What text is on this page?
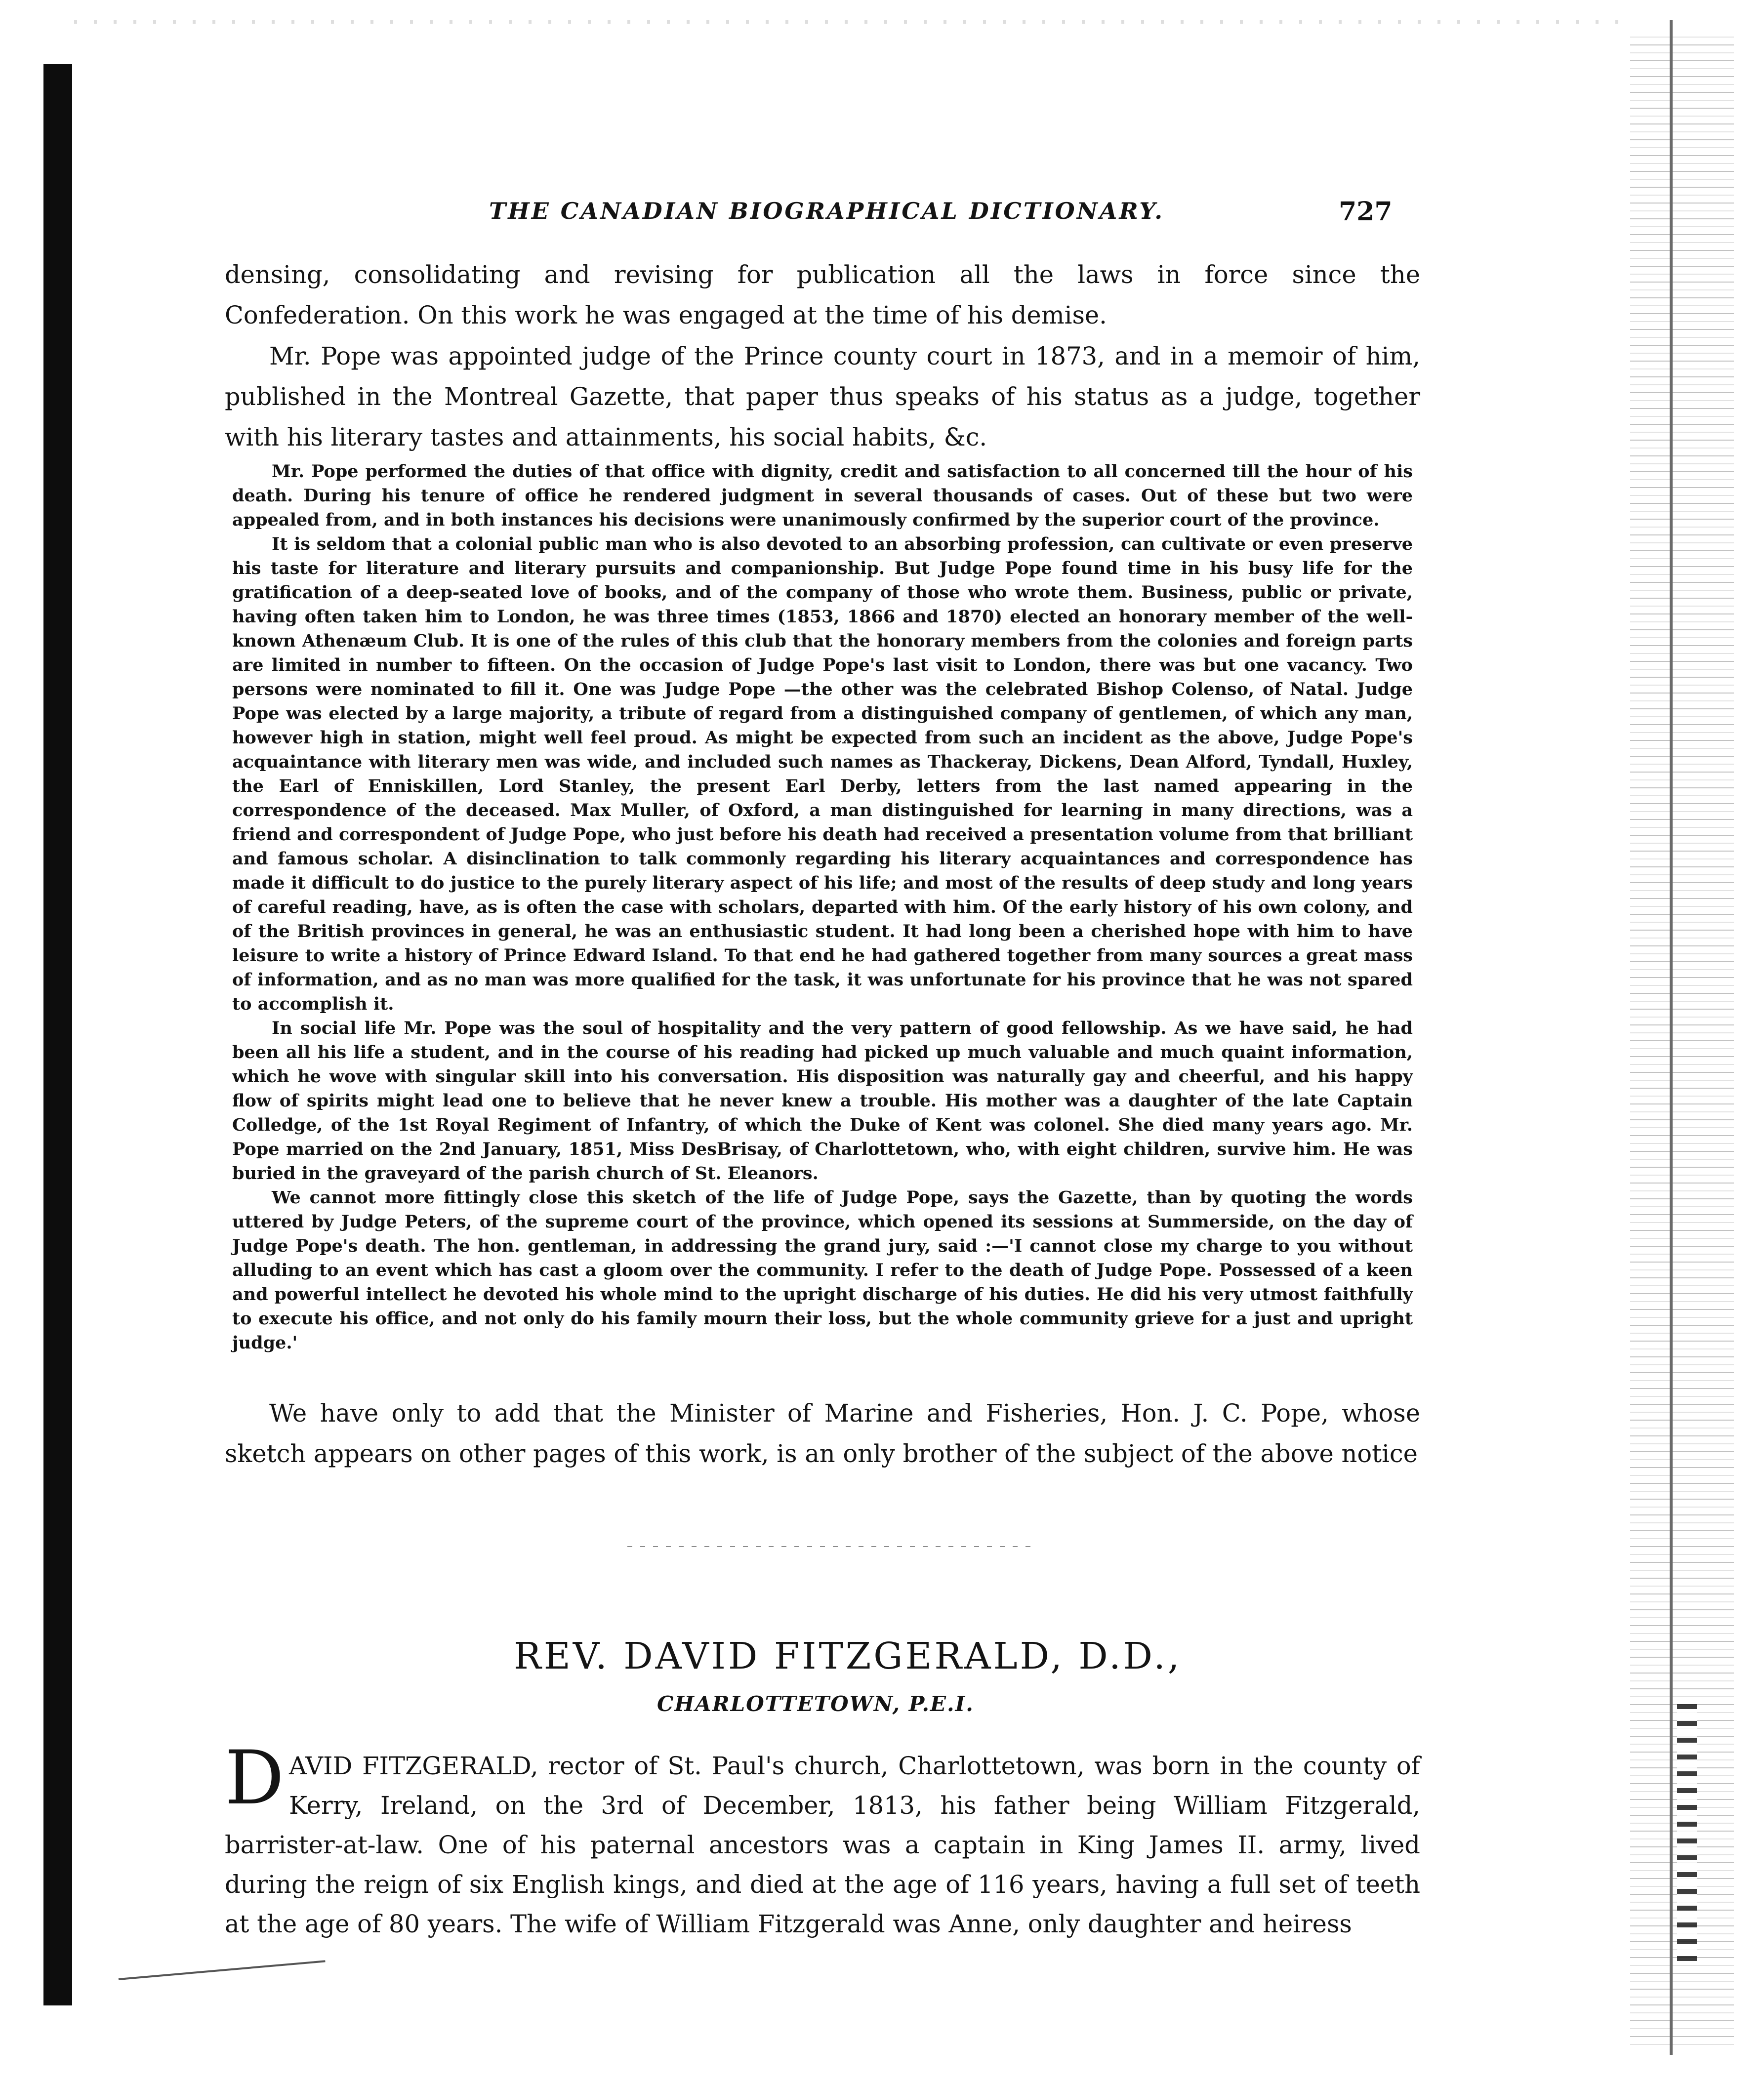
THE CANADIAN BIOGRAPHICAL DICTIONARY.	727

densing, consolidating and revising for publication all the laws in force since the Confederation. On this work he was engaged at the time of his demise.

Mr. Pope was appointed judge of the Prince county court in 1873, and in a memoir of him, published in the Montreal Gazette, that paper thus speaks of his status as a judge, together with his literary tastes and attainments, his social habits, &c.

Mr. Pope performed the duties of that office with dignity, credit and satisfaction to all concerned till the hour of his death. During his tenure of office he rendered judgment in several thousands of cases. Out of these but two were appealed from, and in both instances his decisions were unanimously confirmed by the superior court of the province.

It is seldom that a colonial public man who is also devoted to an absorbing profession, can cultivate or even preserve his taste for literature and literary pursuits and companionship. But Judge Pope found time in his busy life for the gratification of a deep-seated love of books, and of the company of those who wrote them. Business, public or private, having often taken him to London, he was three times (1853, 1866 and 1870) elected an honorary member of the well-known Athenæum Club. It is one of the rules of this club that the honorary members from the colonies and foreign parts are limited in number to fifteen. On the occasion of Judge Pope's last visit to London, there was but one vacancy. Two persons were nominated to fill it. One was Judge Pope —the other was the celebrated Bishop Colenso, of Natal. Judge Pope was elected by a large majority, a tribute of regard from a distinguished company of gentlemen, of which any man, however high in station, might well feel proud. As might be expected from such an incident as the above, Judge Pope's acquaintance with literary men was wide, and included such names as Thackeray, Dickens, Dean Alford, Tyndall, Huxley, the Earl of Enniskillen, Lord Stanley, the present Earl Derby, letters from the last named appearing in the correspondence of the deceased. Max Muller, of Oxford, a man distinguished for learning in many directions, was a friend and correspondent of Judge Pope, who just before his death had received a presentation volume from that brilliant and famous scholar. A disinclination to talk commonly regarding his literary acquaintances and correspondence has made it difficult to do justice to the purely literary aspect of his life; and most of the results of deep study and long years of careful reading, have, as is often the case with scholars, departed with him. Of the early history of his own colony, and of the British provinces in general, he was an enthusiastic student. It had long been a cherished hope with him to have leisure to write a history of Prince Edward Island. To that end he had gathered together from many sources a great mass of information, and as no man was more qualified for the task, it was unfortunate for his province that he was not spared to accomplish it.

In social life Mr. Pope was the soul of hospitality and the very pattern of good fellowship. As we have said, he had been all his life a student, and in the course of his reading had picked up much valuable and much quaint information, which he wove with singular skill into his conversation. His disposition was naturally gay and cheerful, and his happy flow of spirits might lead one to believe that he never knew a trouble. His mother was a daughter of the late Captain Colledge, of the 1st Royal Regiment of Infantry, of which the Duke of Kent was colonel. She died many years ago. Mr. Pope married on the 2nd January, 1851, Miss DesBrisay, of Charlottetown, who, with eight children, survive him. He was buried in the graveyard of the parish church of St. Eleanors.

We cannot more fittingly close this sketch of the life of Judge Pope, says the Gazette, than by quoting the words uttered by Judge Peters, of the supreme court of the province, which opened its sessions at Summerside, on the day of Judge Pope's death. The hon. gentleman, in addressing the grand jury, said :—'I cannot close my charge to you without alluding to an event which has cast a gloom over the community. I refer to the death of Judge Pope. Possessed of a keen and powerful intellect he devoted his whole mind to the upright discharge of his duties. He did his very utmost faithfully to execute his office, and not only do his family mourn their loss, but the whole community grieve for a just and upright judge.'

We have only to add that the Minister of Marine and Fisheries, Hon. J. C. Pope, whose sketch appears on other pages of this work, is an only brother of the subject of the above notice

REV. DAVID FITZGERALD, D.D.,
CHARLOTTETOWN, P.E.I.
D AVID FITZGERALD, rector of St. Paul's church, Charlottetown, was born in the county of Kerry, Ireland, on the 3rd of December, 1813, his father being William Fitzgerald, barrister-at-law. One of his paternal ancestors was a captain in King James II. army, lived during the reign of six English kings, and died at the age of 116 years, having a full set of teeth at the age of 80 years. The wife of William Fitzgerald was Anne, only daughter and heiress
